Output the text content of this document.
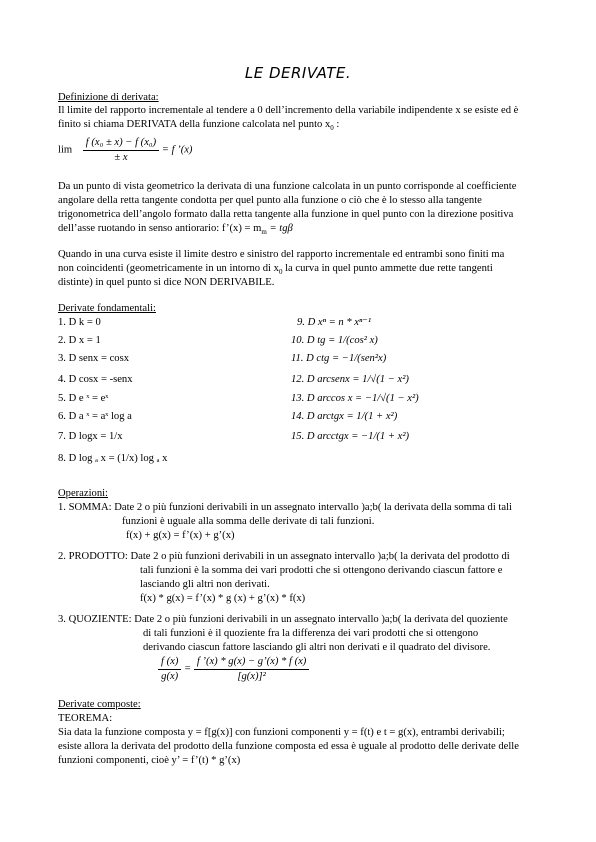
LE DERIVATE.
Definizione di derivata:
Il limite del rapporto incrementale al tendere a 0 dell’incremento della variabile indipendente x se esiste ed è
finito si chiama DERIVATA della funzione calcolata nel punto $x_0$ :
$\lim \frac{\text{f (x₀ ± x) − f (x₀)}}{\pm x} = f$ ’(x)
Da un punto di vista geometrico la derivata di una funzione calcolata in un punto corrisponde al coefficiente
angolare della retta tangente condotta per quel punto alla funzione o ciò che è lo stesso alla tangente
trigonometrica dell’angolo formato dalla retta tangente alla funzione in quel punto con la direzione positiva
dell’asse ruotando in senso antiorario: f’(x) = $m_m = tg\beta$
Quando in una curva esiste il limite destro e sinistro del rapporto incrementale ed entrambi sono finiti ma
non coincidenti (geometricamente in un intorno di $x_0$ la curva in quel punto ammette due rette tangenti
distinte) in quel punto si dice NON DERIVABILE.
Derivate fondamentali:
1. D k = 0
2. D x = 1
3. D senx = cosx
4. D cosx = -senx
5. D e ˣ = eˣ
6. D a ˣ = aˣ log a
7. D logx = 1/x
8. D log ₐ x = (1/x) log ₐ x
9. D xⁿ = n * xⁿ⁻¹
10. D tg = 1/(cos² x)
11. D ctg = −1/(sen²x)
12. D arcsenx = 1/√(1 − x²)
13. D arccos x = −1/√(1 − x²)
14. D arctgx = 1/(1 + x²)
15. D arcctgx = −1/(1 + x²)
Operazioni:
1. SOMMA: Date 2 o più funzioni derivabili in un assegnato intervallo )a;b( la derivata della somma di tali
funzioni è uguale alla somma delle derivate di tali funzioni.
f(x) + g(x) = f’(x) + g’(x)
2. PRODOTTO: Date 2 o più funzioni derivabili in un assegnato intervallo )a;b( la derivata del prodotto di
tali funzioni è la somma dei vari prodotti che si ottengono derivando ciascun fattore e
lasciando gli altri non derivati.
f(x) * g(x) = f’(x) * g (x) + g’(x) * f(x)
3. QUOZIENTE: Date 2 o più funzioni derivabili in un assegnato intervallo )a;b( la derivata del quoziente
di tali funzioni è il quoziente fra la differenza dei vari prodotti che si ottengono
derivando ciascun fattore lasciando gli altri non derivati e il quadrato del divisore.
$\frac{f (x)}{g(x)} = \frac{f ’(x) * g(x) - g’(x) * f (x)}{\text{[g(x)]²}}$
Derivate composte:
TEOREMA:
Sia data la funzione composta y = f[g(x)] con funzioni componenti y = f(t) e t = g(x), entrambi derivabili;
esiste allora la derivata del prodotto della funzione composta ed essa è uguale al prodotto delle derivate delle
funzioni componenti, cioè y’ = f’(t) * g’(x)
